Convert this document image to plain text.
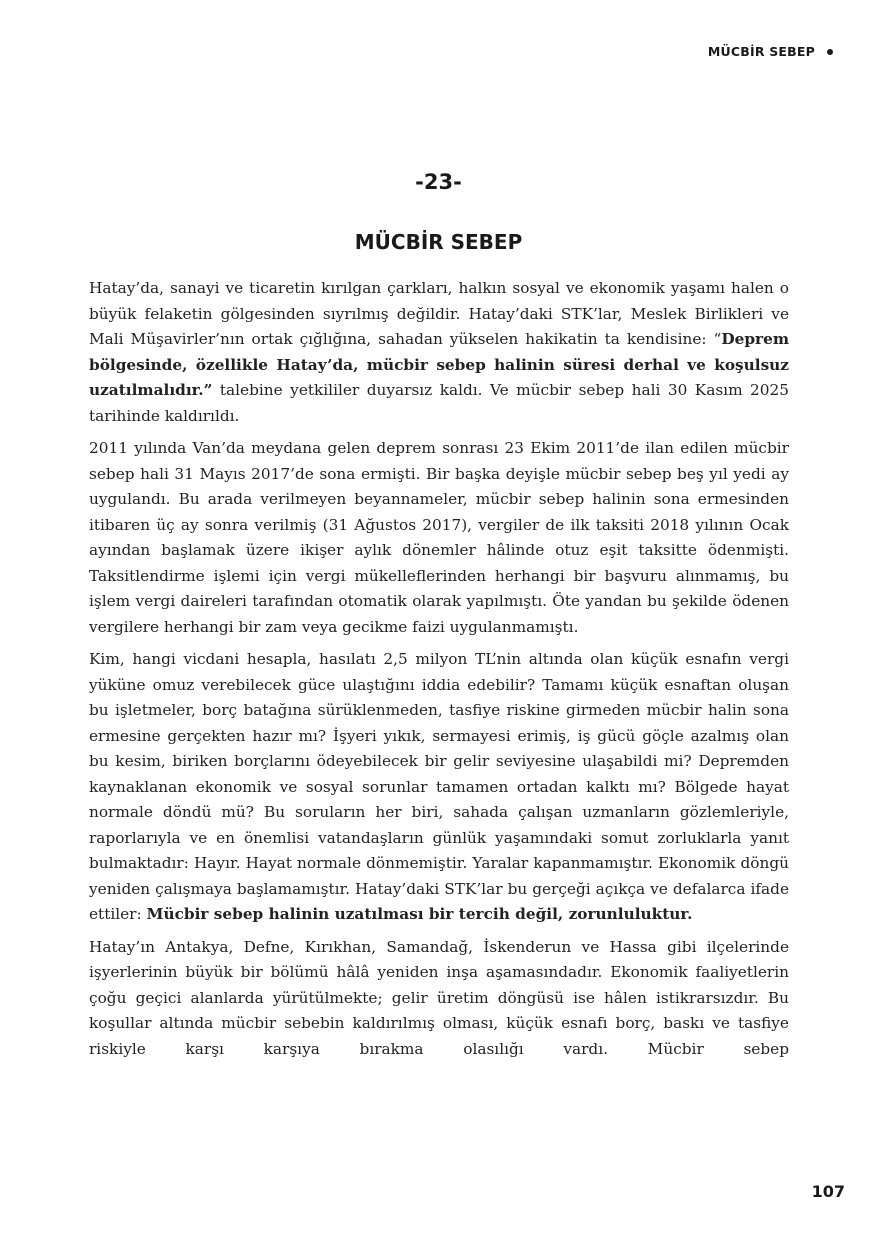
MÜCBİR SEBEP
-23-
MÜCBİR SEBEP

Hatay’da, sanayi ve ticaretin kırılgan çarkları, halkın sosyal ve ekonomik yaşamı halen o büyük felaketin gölgesinden sıyrılmış değildir. Hatay’daki STK’lar, Meslek Birlikleri ve Mali Müşavirler’nın ortak çığlığına, sahadan yükselen hakikatin ta kendisine: “Deprem bölgesinde, özellikle Hatay’da, mücbir sebep halinin süresi derhal ve koşulsuz uzatılmalıdır.” talebine yetkililer duyarsız kaldı. Ve mücbir sebep hali 30 Kasım 2025 tarihinde kaldırıldı.

2011 yılında Van’da meydana gelen deprem sonrası 23 Ekim 2011’de ilan edilen mücbir sebep hali 31 Mayıs 2017’de sona ermişti. Bir başka deyişle mücbir sebep beş yıl yedi ay uygulandı. Bu arada verilmeyen beyannameler, mücbir sebep halinin sona ermesinden itibaren üç ay sonra verilmiş (31 Ağustos 2017), vergiler de ilk taksiti 2018 yılının Ocak ayından başlamak üzere ikişer aylık dönemler hâlinde otuz eşit taksitte ödenmişti. Taksitlendirme işlemi için vergi mükelleflerinden herhangi bir başvuru alınmamış, bu işlem vergi daireleri tarafından otomatik olarak yapılmıştı. Öte yandan bu şekilde ödenen vergilere herhangi bir zam veya gecikme faizi uygulanmamıştı.

Kim, hangi vicdani hesapla, hasılatı 2,5 milyon TL’nin altında olan küçük esnafın vergi yüküne omuz verebilecek güce ulaştığını iddia edebilir? Tamamı küçük esnaftan oluşan bu işletmeler, borç batağına sürüklenmeden, tasfiye riskine girmeden mücbir halin sona ermesine gerçekten hazır mı? İşyeri yıkık, sermayesi erimiş, iş gücü göçle azalmış olan bu kesim, biriken borçlarını ödeyebilecek bir gelir seviyesine ulaşabildi mi? Depremden kaynaklanan ekonomik ve sosyal sorunlar tamamen ortadan kalktı mı? Bölgede hayat normale döndü mü? Bu soruların her biri, sahada çalışan uzmanların gözlemleriyle, raporlarıyla ve en önemlisi vatandaşların günlük yaşamındaki somut zorluklarla yanıt bulmaktadır: Hayır. Hayat normale dönmemiştir. Yaralar kapanmamıştır. Ekonomik döngü yeniden çalışmaya başlamamıştır. Hatay’daki STK’lar bu gerçeği açıkça ve defalarca ifade ettiler: Mücbir sebep halinin uzatılması bir tercih değil, zorunluluktur.

Hatay’ın Antakya, Defne, Kırıkhan, Samandağ, İskenderun ve Hassa gibi ilçelerinde işyerlerinin büyük bir bölümü hâlâ yeniden inşa aşamasındadır. Ekonomik faaliyetlerin çoğu geçici alanlarda yürütülmekte; gelir üretim döngüsü ise hâlen istikrarsızdır. Bu koşullar altında mücbir sebebin kaldırılmış olması, küçük esnafı borç, baskı ve tasfiye riskiyle karşı karşıya bırakma olasılığı vardı. Mücbir sebep

107
